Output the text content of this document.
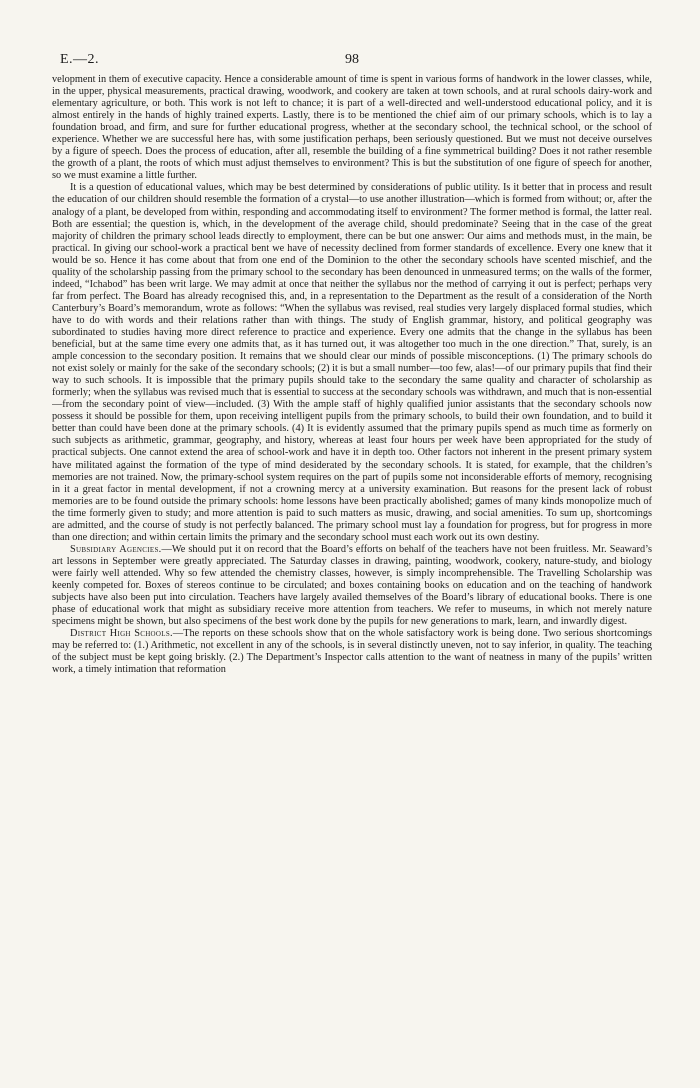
E.—2.	98

velopment in them of executive capacity. Hence a considerable amount of time is spent in various forms of handwork in the lower classes, while, in the upper, physical measurements, practical drawing, woodwork, and cookery are taken at town schools, and at rural schools dairy-work and elementary agriculture, or both. This work is not left to chance; it is part of a well-directed and well-understood educational policy, and it is almost entirely in the hands of highly trained experts. Lastly, there is to be mentioned the chief aim of our primary schools, which is to lay a foundation broad, and firm, and sure for further educational progress, whether at the secondary school, the technical school, or the school of experience. Whether we are successful here has, with some justification perhaps, been seriously questioned. But we must not deceive ourselves by a figure of speech. Does the process of education, after all, resemble the building of a fine symmetrical building? Does it not rather resemble the growth of a plant, the roots of which must adjust themselves to environment? This is but the substitution of one figure of speech for another, so we must examine a little further.

It is a question of educational values, which may be best determined by considerations of public utility. Is it better that in process and result the education of our children should resemble the formation of a crystal—to use another illustration—which is formed from without; or, after the analogy of a plant, be developed from within, responding and accommodating itself to environment? The former method is formal, the latter real. Both are essential; the question is, which, in the development of the average child, should predominate? Seeing that in the case of the great majority of children the primary school leads directly to employment, there can be but one answer: Our aims and methods must, in the main, be practical. In giving our school-work a practical bent we have of necessity declined from former standards of excellence. Every one knew that it would be so. Hence it has come about that from one end of the Dominion to the other the secondary schools have scented mischief, and the quality of the scholarship passing from the primary school to the secondary has been denounced in unmeasured terms; on the walls of the former, indeed, “Ichabod” has been writ large. We may admit at once that neither the syllabus nor the method of carrying it out is perfect; perhaps very far from perfect. The Board has already recognised this, and, in a representation to the Department as the result of a consideration of the North Canterbury’s Board’s memorandum, wrote as follows: “When the syllabus was revised, real studies very largely displaced formal studies, which have to do with words and their relations rather than with things. The study of English grammar, history, and political geography was subordinated to studies having more direct reference to practice and experience. Every one admits that the change in the syllabus has been beneficial, but at the same time every one admits that, as it has turned out, it was altogether too much in the one direction.” That, surely, is an ample concession to the secondary position. It remains that we should clear our minds of possible misconceptions. (1) The primary schools do not exist solely or mainly for the sake of the secondary schools; (2) it is but a small number—too few, alas!—of our primary pupils that find their way to such schools. It is impossible that the primary pupils should take to the secondary the same quality and character of scholarship as formerly; when the syllabus was revised much that is essential to success at the secondary schools was withdrawn, and much that is non-essential—from the secondary point of view—included. (3) With the ample staff of highly qualified junior assistants that the secondary schools now possess it should be possible for them, upon receiving intelligent pupils from the primary schools, to build their own foundation, and to build it better than could have been done at the primary schools. (4) It is evidently assumed that the primary pupils spend as much time as formerly on such subjects as arithmetic, grammar, geography, and history, whereas at least four hours per week have been appropriated for the study of practical subjects. One cannot extend the area of school-work and have it in depth too. Other factors not inherent in the present primary system have militated against the formation of the type of mind desiderated by the secondary schools. It is stated, for example, that the children’s memories are not trained. Now, the primary-school system requires on the part of pupils some not inconsiderable efforts of memory, recognising in it a great factor in mental development, if not a crowning mercy at a university examination. But reasons for the present lack of robust memories are to be found outside the primary schools: home lessons have been practically abolished; games of many kinds monopolize much of the time formerly given to study; and more attention is paid to such matters as music, drawing, and social amenities. To sum up, shortcomings are admitted, and the course of study is not perfectly balanced. The primary school must lay a foundation for progress, but for progress in more than one direction; and within certain limits the primary and the secondary school must each work out its own destiny.

Subsidiary Agencies.—We should put it on record that the Board’s efforts on behalf of the teachers have not been fruitless. Mr. Seaward’s art lessons in September were greatly appreciated. The Saturday classes in drawing, painting, woodwork, cookery, nature-study, and biology were fairly well attended. Why so few attended the chemistry classes, however, is simply incomprehensible. The Travelling Scholarship was keenly competed for. Boxes of stereos continue to be circulated; and boxes containing books on education and on the teaching of handwork subjects have also been put into circulation. Teachers have largely availed themselves of the Board’s library of educational books. There is one phase of educational work that might as subsidiary receive more attention from teachers. We refer to museums, in which not merely nature specimens might be shown, but also specimens of the best work done by the pupils for new generations to mark, learn, and inwardly digest.

District High Schools.—The reports on these schools show that on the whole satisfactory work is being done. Two serious shortcomings may be referred to: (1.) Arithmetic, not excellent in any of the schools, is in several distinctly uneven, not to say inferior, in quality. The teaching of the subject must be kept going briskly. (2.) The Department’s Inspector calls attention to the want of neatness in many of the pupils’ written work, a timely intimation that reformation
